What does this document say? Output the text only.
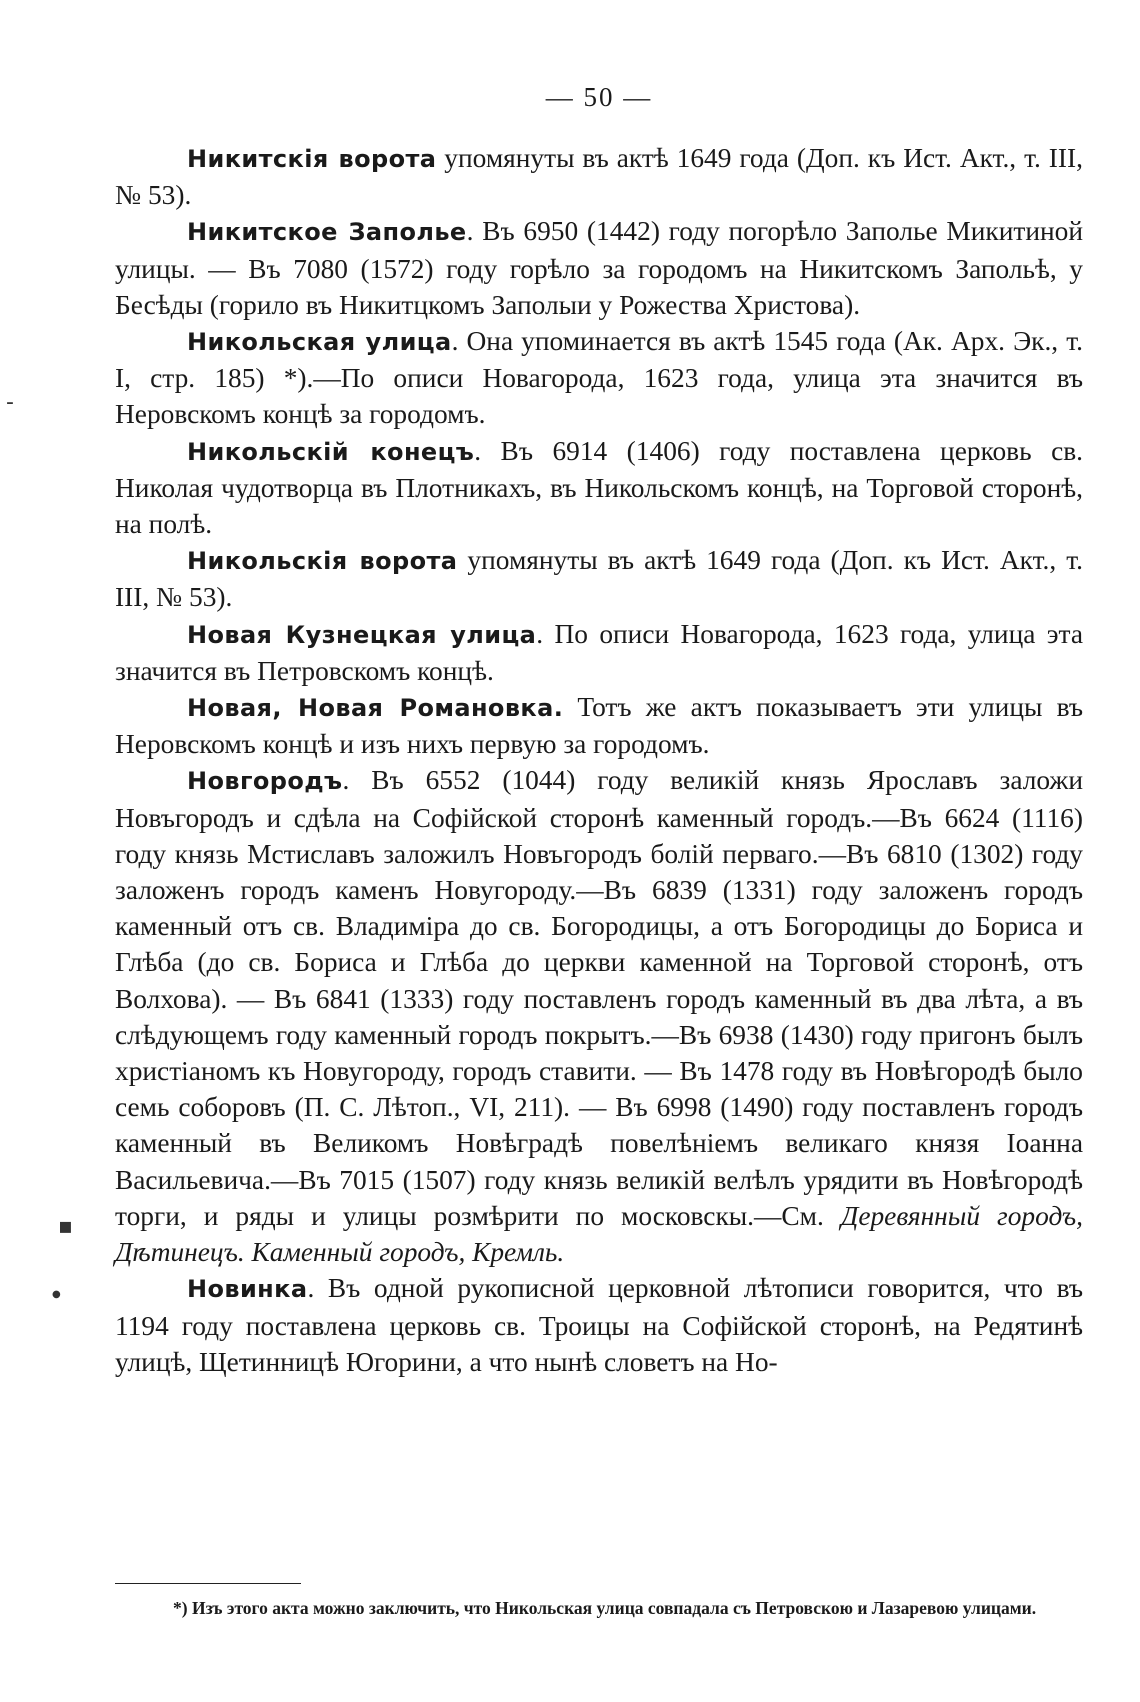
— 50 —

Никитскія ворота упомянуты въ актѣ 1649 года (Доп. къ Ист. Акт., т. III, № 53).

Никитское Заполье. Въ 6950 (1442) году погорѣло Заполье Микитиной улицы. — Въ 7080 (1572) году горѣло за городомъ на Никитскомъ Запольѣ, у Бесѣды (горило въ Никитцкомъ Заполыи у Рожества Христова).

Никольская улица. Она упоминается въ актѣ 1545 года (Ак. Арх. Эк., т. I, стр. 185) *).—По описи Новагорода, 1623 года, улица эта значится въ Неровскомъ концѣ за городомъ.

Никольскій конецъ. Въ 6914 (1406) году поставлена церковь св. Николая чудотворца въ Плотникахъ, въ Никольскомъ концѣ, на Торговой сторонѣ, на полѣ.

Никольскія ворота упомянуты въ актѣ 1649 года (Доп. къ Ист. Акт., т. III, № 53).

Новая Кузнецкая улица. По описи Новагорода, 1623 года, улица эта значится въ Петровскомъ концѣ.

Новая, Новая Романовка. Тотъ же актъ показываетъ эти улицы въ Неровскомъ концѣ и изъ нихъ первую за городомъ.

Новгородъ. Въ 6552 (1044) году великій князь Ярославъ заложи Новъгородъ и сдѣла на Софійской сторонѣ каменный городъ.—Въ 6624 (1116) году князь Мстиславъ заложилъ Новъгородъ болій перваго.—Въ 6810 (1302) году заложенъ городъ каменъ Новугороду.—Въ 6839 (1331) году заложенъ городъ каменный отъ св. Владиміра до св. Богородицы, а отъ Богородицы до Бориса и Глѣба (до св. Бориса и Глѣба до церкви каменной на Торговой сторонѣ, отъ Волхова). — Въ 6841 (1333) году поставленъ городъ каменный въ два лѣта, а въ слѣдующемъ году каменный городъ покрытъ.—Въ 6938 (1430) году пригонъ былъ христіаномъ къ Новугороду, городъ ставити. — Въ 1478 году въ Новѣгородѣ было семь соборовъ (П. С. Лѣтоп., VI, 211). — Въ 6998 (1490) году поставленъ городъ каменный въ Великомъ Новѣградѣ повелѣніемъ великаго князя Іоанна Васильевича.—Въ 7015 (1507) году князь великій велѣлъ урядити въ Новѣгородѣ торги, и ряды и улицы розмѣрити по московскы.—См. Деревянный городъ, Дѣтинецъ. Каменный городъ, Кремль.

Новинка. Въ одной рукописной церковной лѣтописи говорится, что въ 1194 году поставлена церковь св. Троицы на Софійской сторонѣ, на Редятинѣ улицѣ, Щетинницѣ Югорини, а что нынѣ словетъ на Но-

*) Изъ этого акта можно заключить, что Никольская улица совпадала съ Петровскою и Лазаревою улицами.

‑
▪
●
